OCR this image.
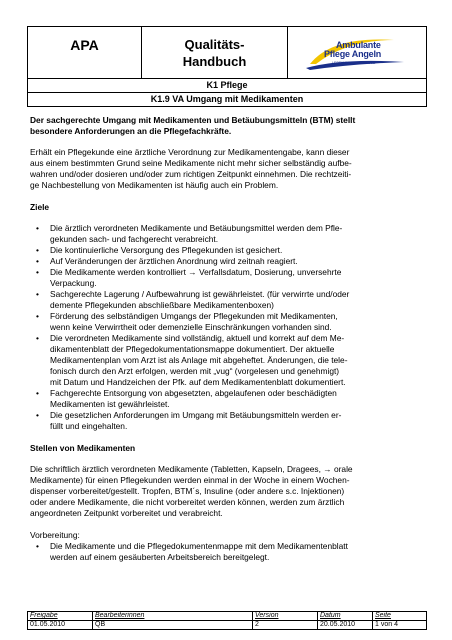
APA	Qualitäts-
Handbuch

Ambulante
Pflege Angeln
LEBEN WOHL ZU HAUSE

K1 Pflege
K1.9 VA Umgang mit Medikamenten

Der sachgerechte Umgang mit Medikamenten und Betäubungsmitteln (BTM) stellt

besondere Anforderungen an die Pflegefachkräfte.

Erhält ein Pflegekunde eine ärztliche Verordnung zur Medikamentengabe, kann dieser

aus einem bestimmten Grund seine Medikamente nicht mehr sicher selbständig aufbe-

wahren und/oder dosieren und/oder zum richtigen Zeitpunkt einnehmen. Die rechtzeiti-

ge Nachbestellung von Medikamenten ist häufig auch ein Problem.

Ziele

• Die ärztlich verordneten Medikamente und Betäubungsmittel werden dem Pfle-

gekunden sach- und fachgerecht verabreicht.

• Die kontinuierliche Versorgung des Pflegekunden ist gesichert.

• Auf Veränderungen der ärztlichen Anordnung wird zeitnah reagiert.

• Die Medikamente werden kontrolliert → Verfallsdatum, Dosierung, unversehrte

Verpackung.

• Sachgerechte Lagerung / Aufbewahrung ist gewährleistet. (für verwirrte und/oder

demente Pflegekunden abschließbare Medikamentenboxen)

• Förderung des selbständigen Umgangs der Pflegekunden mit Medikamenten,

wenn keine Verwirrtheit oder demenzielle Einschränkungen vorhanden sind.

• Die verordneten Medikamente sind vollständig, aktuell und korrekt auf dem Me-

dikamentenblatt der Pflegedokumentationsmappe dokumentiert. Der aktuelle

Medikamentenplan vom Arzt ist als Anlage mit abgeheftet. Änderungen, die tele-

fonisch durch den Arzt erfolgen, werden mit „vug“ (vorgelesen und genehmigt)

mit Datum und Handzeichen der Pfk. auf dem Medikamentenblatt dokumentiert.

• Fachgerechte Entsorgung von abgesetzten, abgelaufenen oder beschädigten

Medikamenten ist gewährleistet.

• Die gesetzlichen Anforderungen im Umgang mit Betäubungsmitteln werden er-

füllt und eingehalten.

Stellen von Medikamenten

Die schriftlich ärztlich verordneten Medikamente (Tabletten, Kapseln, Dragees, → orale

Medikamente) für einen Pflegekunden werden einmal in der Woche in einem Wochen-

dispenser vorbereitet/gestellt. Tropfen, BTM´s, Insuline (oder andere s.c. Injektionen)

oder andere Medikamente, die nicht vorbereitet werden können, werden zum ärztlich

angeordneten Zeitpunkt vorbereitet und verabreicht.

Vorbereitung:

• Die Medikamente und die Pflegedokumentenmappe mit dem Medikamentenblatt

werden auf einem gesäuberten Arbeitsbereich bereitgelegt.

Freigabe	Bearbeiterinnen	Version	Datum	Seite
01.05.2010	QB	2	20.05.2010	1 von 4
